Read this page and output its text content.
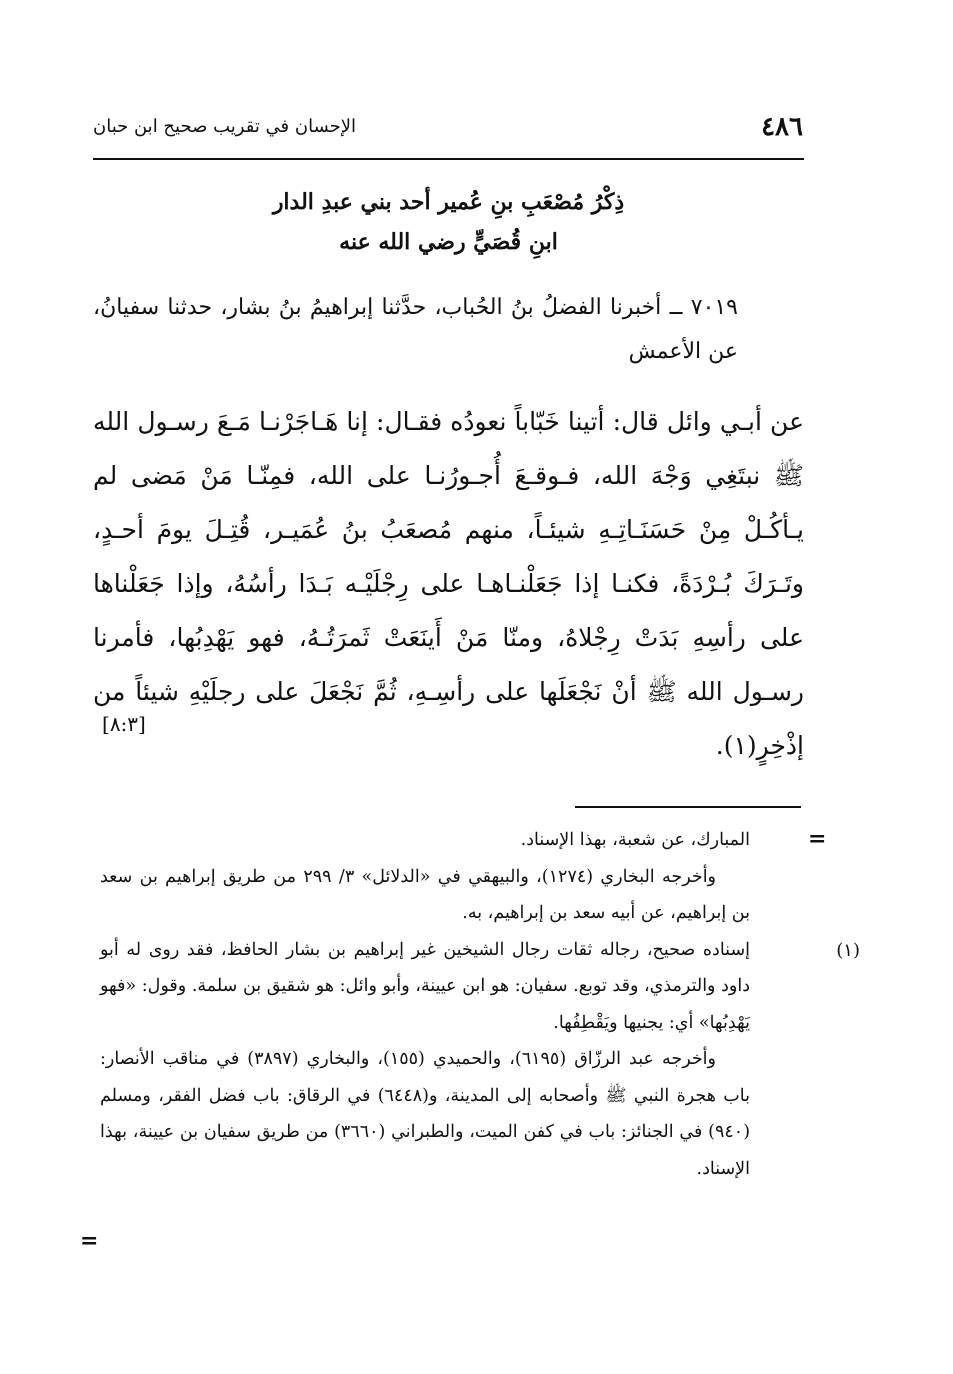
٤٨٦
الإحسان في تقريب صحيح ابن حبان
ذِكْرُ مُصْعَبِ بنِ عُمير أحد بني عبدِ الدار
ابنِ قُصَيٍّ رضي الله عنه

٧٠١٩ ــ أخبرنا الفضلُ بنُ الحُباب، حدَّثنا إبراهيمُ بنُ بشار، حدثنا سفيانُ، عن الأعمش

عن أبـي وائل قال: أتينا خَبّاباً نعودُه فقـال: إنا هَـاجَرْنـا مَـعَ رسـول الله ﷺ نبتَغِي وَجْهَ الله، فـوقـعَ أُجـورُنـا على الله، فمِنّـا مَنْ مَضى لم يـأكُـلْ مِنْ حَسَنَـاتِـهِ شيئـاً، منهم مُصعَبُ بنُ عُمَيـر، قُتِـلَ يومَ أحـدٍ، وتَـرَكَ بُـرْدَةً، فكنـا إذا جَعَلْنـاهـا على رِجْلَيْـه بَـدَا رأسُهُ، وإذا جَعَلْناها على رأسِهِ بَدَتْ رِجْلاهُ، ومنّا مَنْ أَينَعَتْ ثَمرَتُـهُ، فهو يَهْدِبُها، فأمرنا رسـول الله ﷺ أنْ نَجْعَلَها على رأسِـهِ، ثُمَّ نَجْعَلَ على رجلَيْهِ شيئاً من إذْخِرٍ(١).

[٨:٣]
=
(١)

المبارك، عن شعبة، بهذا الإسناد.

وأخرجه البخاري (١٢٧٤)، والبيهقي في «الدلائل» ٣/ ٢٩٩ من طريق إبراهيم بن سعد بن إبراهيم، عن أبيه سعد بن إبراهيم، به.

إسناده صحيح، رجاله ثقات رجال الشيخين غير إبراهيم بن بشار الحافظ، فقد روى له أبو داود والترمذي، وقد توبع. سفيان: هو ابن عيينة، وأبو وائل: هو شقيق بن سلمة. وقول: «فهو يَهْدِبُها» أي: يجنيها ويَقْطِفُها.

وأخرجه عبد الرزّاق (٦١٩٥)، والحميدي (١٥٥)، والبخاري (٣٨٩٧) في مناقب الأنصار: باب هجرة النبي ﷺ وأصحابه إلى المدينة، و(٦٤٤٨) في الرقاق: باب فضل الفقر، ومسلم (٩٤٠) في الجنائز: باب في كفن الميت، والطبراني (٣٦٦٠) من طريق سفيان بن عيينة، بهذا الإسناد.

=
